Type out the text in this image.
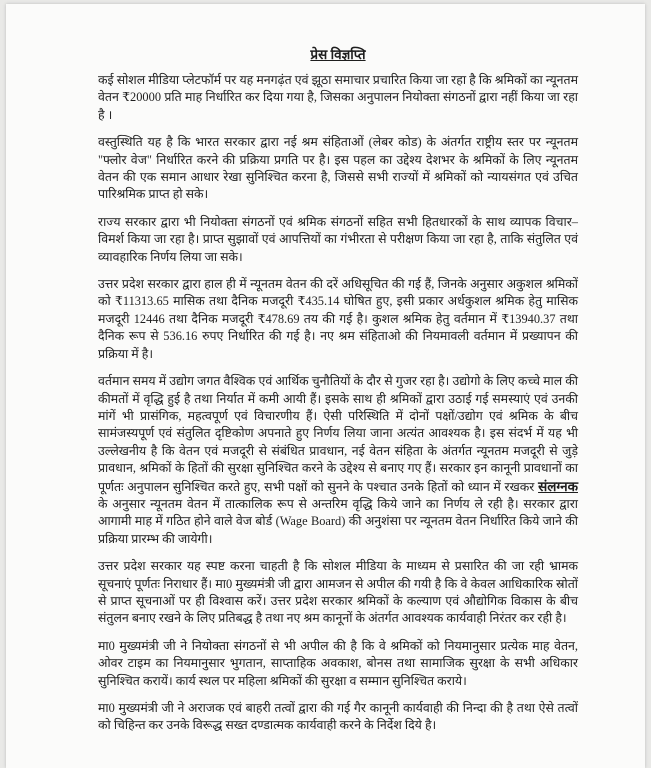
प्रेस विज्ञप्ति

कई सोशल मीडिया प्लेटफॉर्म पर यह मनगढ़ंत एवं झूठा समाचार प्रचारित किया जा रहा है कि श्रमिकों का न्यूनतम वेतन ₹20000 प्रति माह निर्धारित कर दिया गया है, जिसका अनुपालन नियोक्ता संगठनों द्वारा नहीं किया जा रहा है ।

वस्तुस्थिति यह है कि भारत सरकार द्वारा नई श्रम संहिताओं (लेबर कोड) के अंतर्गत राष्ट्रीय स्तर पर न्यूनतम "फ्लोर वेज" निर्धारित करने की प्रक्रिया प्रगति पर है। इस पहल का उद्देश्य देशभर के श्रमिकों के लिए न्यूनतम वेतन की एक समान आधार रेखा सुनिश्चित करना है, जिससे सभी राज्यों में श्रमिकों को न्यायसंगत एवं उचित पारिश्रमिक प्राप्त हो सके।

राज्य सरकार द्वारा भी नियोक्ता संगठनों एवं श्रमिक संगठनों सहित सभी हितधारकों के साथ व्यापक विचार–विमर्श किया जा रहा है। प्राप्त सुझावों एवं आपत्तियों का गंभीरता से परीक्षण किया जा रहा है, ताकि संतुलित एवं व्यावहारिक निर्णय लिया जा सके।

उत्तर प्रदेश सरकार द्वारा हाल ही में न्यूनतम वेतन की दरें अधिसूचित की गई हैं, जिनके अनुसार अकुशल श्रमिकों को ₹11313.65 मासिक तथा दैनिक मजदूरी ₹435.14 घोषित हुए, इसी प्रकार अर्धकुशल श्रमिक हेतु मासिक मजदूरी 12446 तथा दैनिक मजदूरी ₹478.69 तय की गई है। कुशल श्रमिक हेतु वर्तमान में ₹13940.37 तथा दैनिक रूप से 536.16 रुपए निर्धारित की गई है। नए श्रम संहिताओ की नियमावली वर्तमान में प्रख्यापन की प्रक्रिया में है।

वर्तमान समय में उद्योग जगत वैश्विक एवं आर्थिक चुनौतियों के दौर से गुजर रहा है। उद्योगो के लिए कच्चे माल की कीमतों में वृद्धि हुई है तथा निर्यात में कमी आयी हैं। इसके साथ ही श्रमिकों द्वारा उठाई गई समस्याएं एवं उनकी मांगें भी प्रासंगिक, महत्वपूर्ण एवं विचारणीय हैं। ऐसी परिस्थिति में दोनों पक्षों/उद्योग एवं श्रमिक के बीच सामंजस्यपूर्ण एवं संतुलित दृष्टिकोण अपनाते हुए निर्णय लिया जाना अत्यंत आवश्यक है। इस संदर्भ में यह भी उल्लेखनीय है कि वेतन एवं मजदूरी से संबंधित प्रावधान, नई वेतन संहिता के अंतर्गत न्यूनतम मजदूरी से जुड़े प्रावधान, श्रमिकों के हितों की सुरक्षा सुनिश्चित करने के उद्देश्य से बनाए गए हैं। सरकार इन कानूनी प्रावधानों का पूर्णतः अनुपालन सुनिश्चित करते हुए, सभी पक्षों को सुनने के पश्चात उनके हितों को ध्यान में रखकर संलग्नक के अनुसार न्यूनतम वेतन में तात्कालिक रूप से अन्तरिम वृद्धि किये जाने का निर्णय ले रही है। सरकार द्वारा आगामी माह में गठित होने वाले वेज बोर्ड (Wage Board) की अनुशंसा पर न्यूनतम वेतन निर्धारित किये जाने की प्रक्रिया प्रारम्भ की जायेगी।

उत्तर प्रदेश सरकार यह स्पष्ट करना चाहती है कि सोशल मीडिया के माध्यम से प्रसारित की जा रही भ्रामक सूचनाएं पूर्णतः निराधार हैं। मा0 मुख्यमंत्री जी द्वारा आमजन से अपील की गयी है कि वे केवल आधिकारिक स्रोतों से प्राप्त सूचनाओं पर ही विश्वास करें। उत्तर प्रदेश सरकार श्रमिकों के कल्याण एवं औद्योगिक विकास के बीच संतुलन बनाए रखने के लिए प्रतिबद्ध है तथा नए श्रम कानूनों के अंतर्गत आवश्यक कार्यवाही निरंतर कर रही है।

मा0 मुख्यमंत्री जी ने नियोक्ता संगठनों से भी अपील की है कि वे श्रमिकों को नियमानुसार प्रत्येक माह वेतन, ओवर टाइम का नियमानुसार भुगतान, साप्ताहिक अवकाश, बोनस तथा सामाजिक सुरक्षा के सभी अधिकार सुनिश्चित करायें। कार्य स्थल पर महिला श्रमिकों की सुरक्षा व सम्मान सुनिश्चित कराये।

मा0 मुख्यमंत्री जी ने अराजक एवं बाहरी तत्वों द्वारा की गई गैर कानूनी कार्यवाही की निन्दा की है तथा ऐसे तत्वों को चिहिन्त कर उनके विरूद्ध सख्त दण्डात्मक कार्यवाही करने के निर्देश दिये है।
